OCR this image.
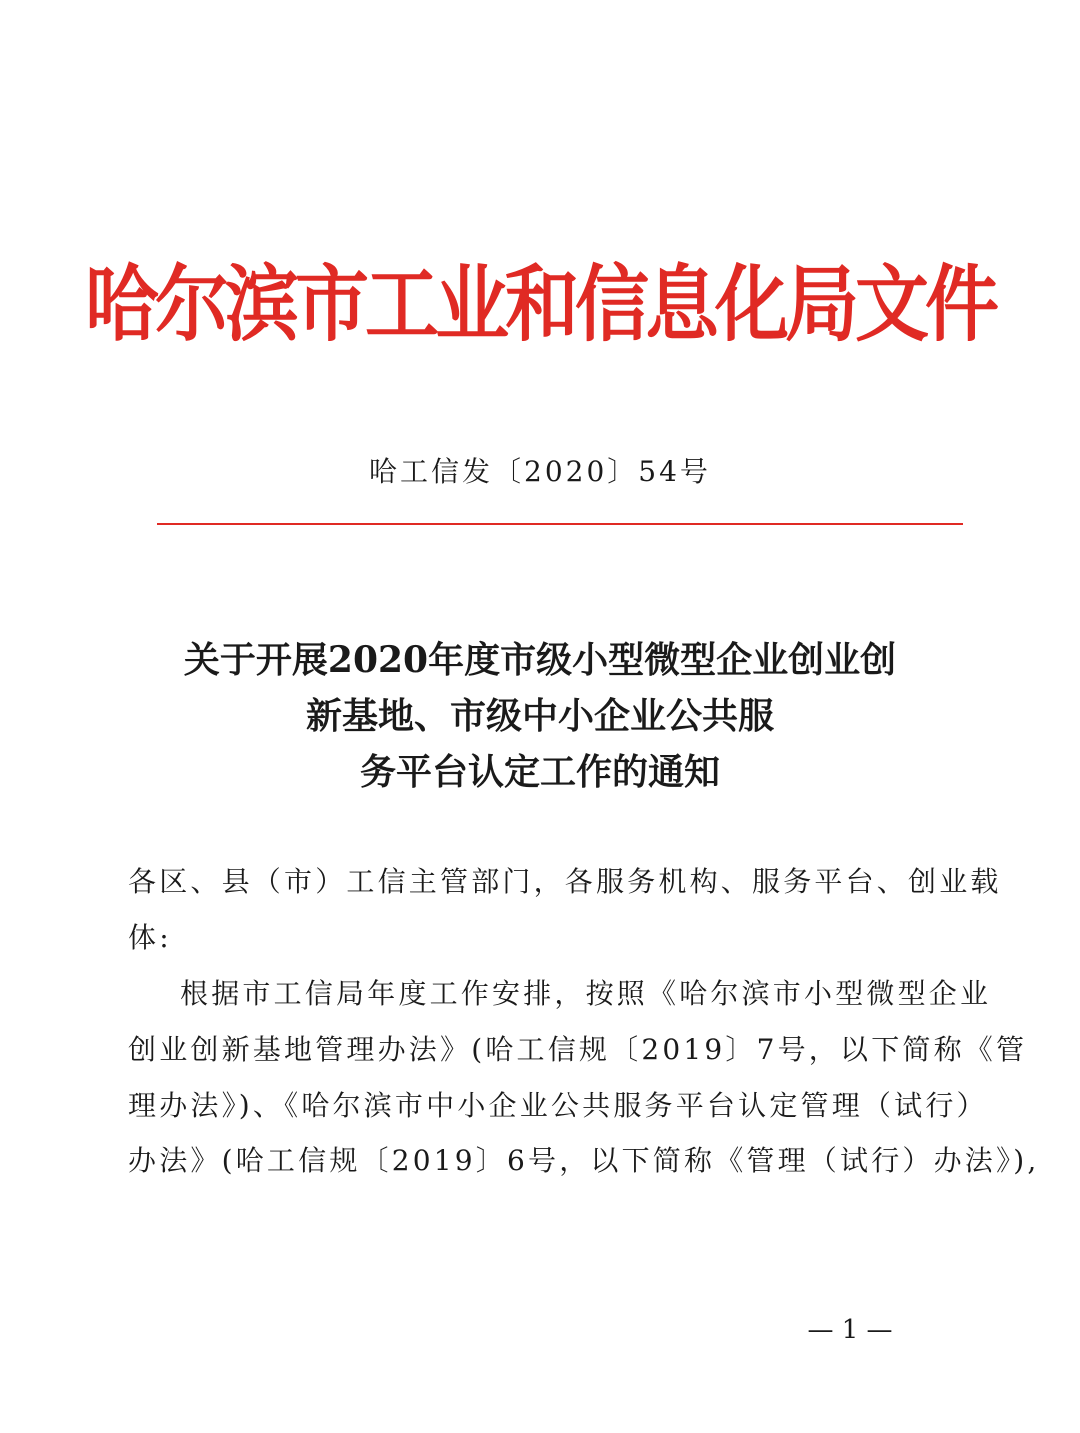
哈尔滨市工业和信息化局文件
哈工信发〔2020〕54号
关于开展2020年度市级小型微型企业创业创
新基地、市级中小企业公共服
务平台认定工作的通知
各区、县（市）工信主管部门，各服务机构、服务平台、创业载
体:
根据市工信局年度工作安排，按照《哈尔滨市小型微型企业
创业创新基地管理办法》(哈工信规〔2019〕7号，以下简称《管
理办法》)、《哈尔滨市中小企业公共服务平台认定管理（试行）
办法》(哈工信规〔2019〕6号，以下简称《管理（试行）办法》),
— 1 —
